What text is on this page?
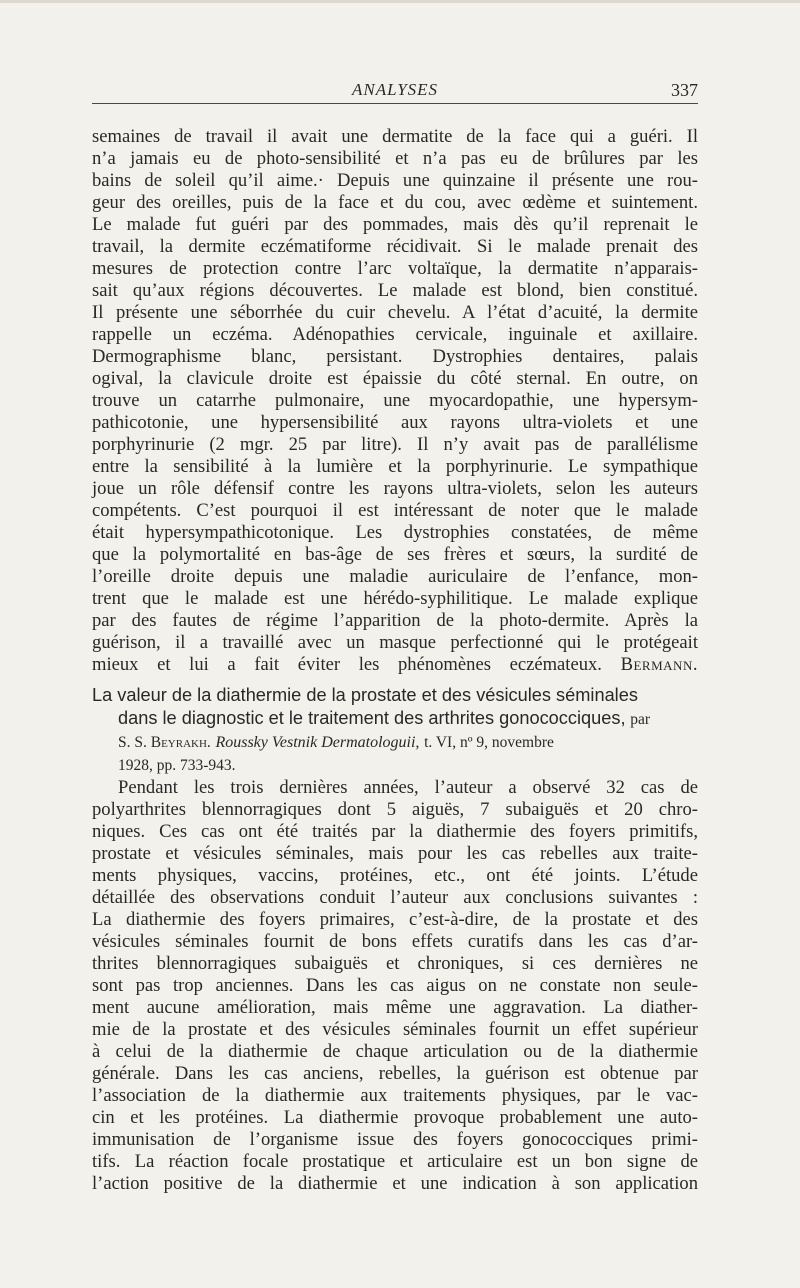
ANALYSES	337
semaines de travail il avait une dermatite de la face qui a guéri. Il
n’a jamais eu de photo-sensibilité et n’a pas eu de brûlures par les
bains de soleil qu’il aime.· Depuis une quinzaine il présente une rou-
geur des oreilles, puis de la face et du cou, avec œdème et suintement.
Le malade fut guéri par des pommades, mais dès qu’il reprenait le
travail, la dermite eczématiforme récidivait. Si le malade prenait des
mesures de protection contre l’arc voltaïque, la dermatite n’apparais-
sait qu’aux régions découvertes. Le malade est blond, bien constitué.
Il présente une séborrhée du cuir chevelu. A l’état d’acuité, la dermite
rappelle un eczéma. Adénopathies cervicale, inguinale et axillaire.
Dermographisme blanc, persistant. Dystrophies dentaires, palais
ogival, la clavicule droite est épaissie du côté sternal. En outre, on
trouve un catarrhe pulmonaire, une myocardopathie, une hypersym-
pathicotonie, une hypersensibilité aux rayons ultra-violets et une
porphyrinurie (2 mgr. 25 par litre). Il n’y avait pas de parallélisme
entre la sensibilité à la lumière et la porphyrinurie. Le sympathique
joue un rôle défensif contre les rayons ultra-violets, selon les auteurs
compétents. C’est pourquoi il est intéressant de noter que le malade
était hypersympathicotonique. Les dystrophies constatées, de même
que la polymortalité en bas-âge de ses frères et sœurs, la surdité de
l’oreille droite depuis une maladie auriculaire de l’enfance, mon-
trent que le malade est une hérédo-syphilitique. Le malade explique
par des fautes de régime l’apparition de la photo-dermite. Après la
guérison, il a travaillé avec un masque perfectionné qui le protégeait
mieux et lui a fait éviter les phénomènes eczémateux. Bermann.
La valeur de la diathermie de la prostate et des vésicules séminales
dans le diagnostic et le traitement des arthrites gonococciques, par
S. S. Beyrakh. Roussky Vestnik Dermatologuii, t. VI, nº 9, novembre
1928, pp. 733-943.
Pendant les trois dernières années, l’auteur a observé 32 cas de
polyarthrites blennorragiques dont 5 aiguës, 7 subaiguës et 20 chro-
niques. Ces cas ont été traités par la diathermie des foyers primitifs,
prostate et vésicules séminales, mais pour les cas rebelles aux traite-
ments physiques, vaccins, protéines, etc., ont été joints. L’étude
détaillée des observations conduit l’auteur aux conclusions suivantes :
La diathermie des foyers primaires, c’est-à-dire, de la prostate et des
vésicules séminales fournit de bons effets curatifs dans les cas d’ar-
thrites blennorragiques subaiguës et chroniques, si ces dernières ne
sont pas trop anciennes. Dans les cas aigus on ne constate non seule-
ment aucune amélioration, mais même une aggravation. La diather-
mie de la prostate et des vésicules séminales fournit un effet supérieur
à celui de la diathermie de chaque articulation ou de la diathermie
générale. Dans les cas anciens, rebelles, la guérison est obtenue par
l’association de la diathermie aux traitements physiques, par le vac-
cin et les protéines. La diathermie provoque probablement une auto-
immunisation de l’organisme issue des foyers gonococciques primi-
tifs. La réaction focale prostatique et articulaire est un bon signe de
l’action positive de la diathermie et une indication à son application
